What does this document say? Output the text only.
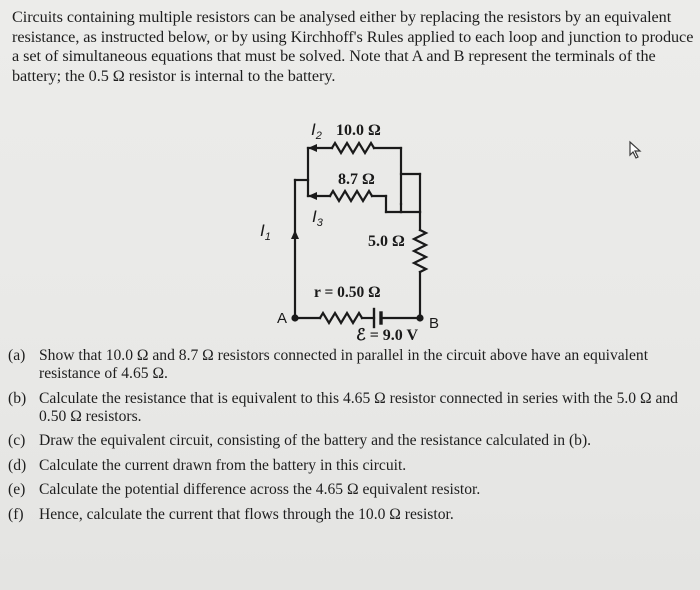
Circuits containing multiple resistors can be analysed either by replacing the resistors by an equivalent resistance, as instructed below, or by using Kirchhoff's Rules applied to each loop and junction to produce a set of simultaneous equations that must be solved. Note that A and B represent the terminals of the battery; the 0.5 Ω resistor is internal to the battery.

$I_2$ 10.0 Ω
8.7 Ω
$I_3$
$I_1$	5.0 Ω
r = 0.50 Ω
A	B
ℰ = 9.0 V
(a) Show that 10.0 Ω and 8.7 Ω resistors connected in parallel in the circuit above have an equivalent resistance of 4.65 Ω.
(b) Calculate the resistance that is equivalent to this 4.65 Ω resistor connected in series with the 5.0 Ω and 0.50 Ω resistors.
(c) Draw the equivalent circuit, consisting of the battery and the resistance calculated in (b).
(d) Calculate the current drawn from the battery in this circuit.
(e) Calculate the potential difference across the 4.65 Ω equivalent resistor.
(f) Hence, calculate the current that flows through the 10.0 Ω resistor.
